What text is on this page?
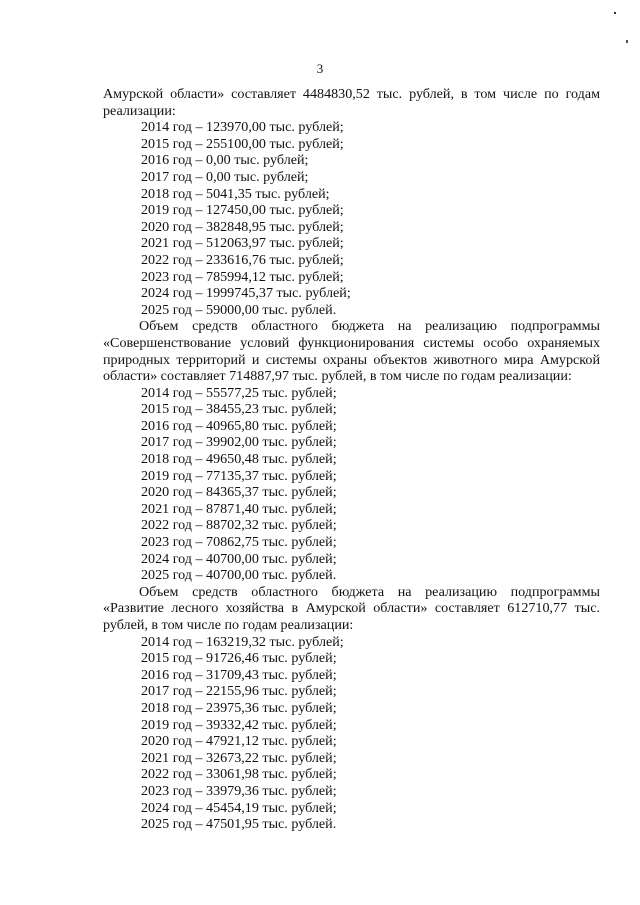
3
Амурской области» составляет 4484830,52 тыс. рублей, в том числе по годам реализации:
2014 год – 123970,00 тыс. рублей;
2015 год – 255100,00 тыс. рублей;
2016 год – 0,00 тыс. рублей;
2017 год – 0,00 тыс. рублей;
2018 год – 5041,35 тыс. рублей;
2019 год – 127450,00 тыс. рублей;
2020 год – 382848,95 тыс. рублей;
2021 год – 512063,97 тыс. рублей;
2022 год – 233616,76 тыс. рублей;
2023 год – 785994,12 тыс. рублей;
2024 год – 1999745,37 тыс. рублей;
2025 год – 59000,00 тыс. рублей.
Объем средств областного бюджета на реализацию подпрограммы «Совершенствование условий функционирования системы особо охраняемых природных территорий и системы охраны объектов животного мира Амурской области» составляет 714887,97 тыс. рублей, в том числе по годам реализации:
2014 год – 55577,25 тыс. рублей;
2015 год – 38455,23 тыс. рублей;
2016 год – 40965,80 тыс. рублей;
2017 год – 39902,00 тыс. рублей;
2018 год – 49650,48 тыс. рублей;
2019 год – 77135,37 тыс. рублей;
2020 год – 84365,37 тыс. рублей;
2021 год – 87871,40 тыс. рублей;
2022 год – 88702,32 тыс. рублей;
2023 год – 70862,75 тыс. рублей;
2024 год – 40700,00 тыс. рублей;
2025 год – 40700,00 тыс. рублей.
Объем средств областного бюджета на реализацию подпрограммы «Развитие лесного хозяйства в Амурской области» составляет 612710,77 тыс. рублей, в том числе по годам реализации:
2014 год – 163219,32 тыс. рублей;
2015 год – 91726,46 тыс. рублей;
2016 год – 31709,43 тыс. рублей;
2017 год – 22155,96 тыс. рублей;
2018 год – 23975,36 тыс. рублей;
2019 год – 39332,42 тыс. рублей;
2020 год – 47921,12 тыс. рублей;
2021 год – 32673,22 тыс. рублей;
2022 год – 33061,98 тыс. рублей;
2023 год – 33979,36 тыс. рублей;
2024 год – 45454,19 тыс. рублей;
2025 год – 47501,95 тыс. рублей.
